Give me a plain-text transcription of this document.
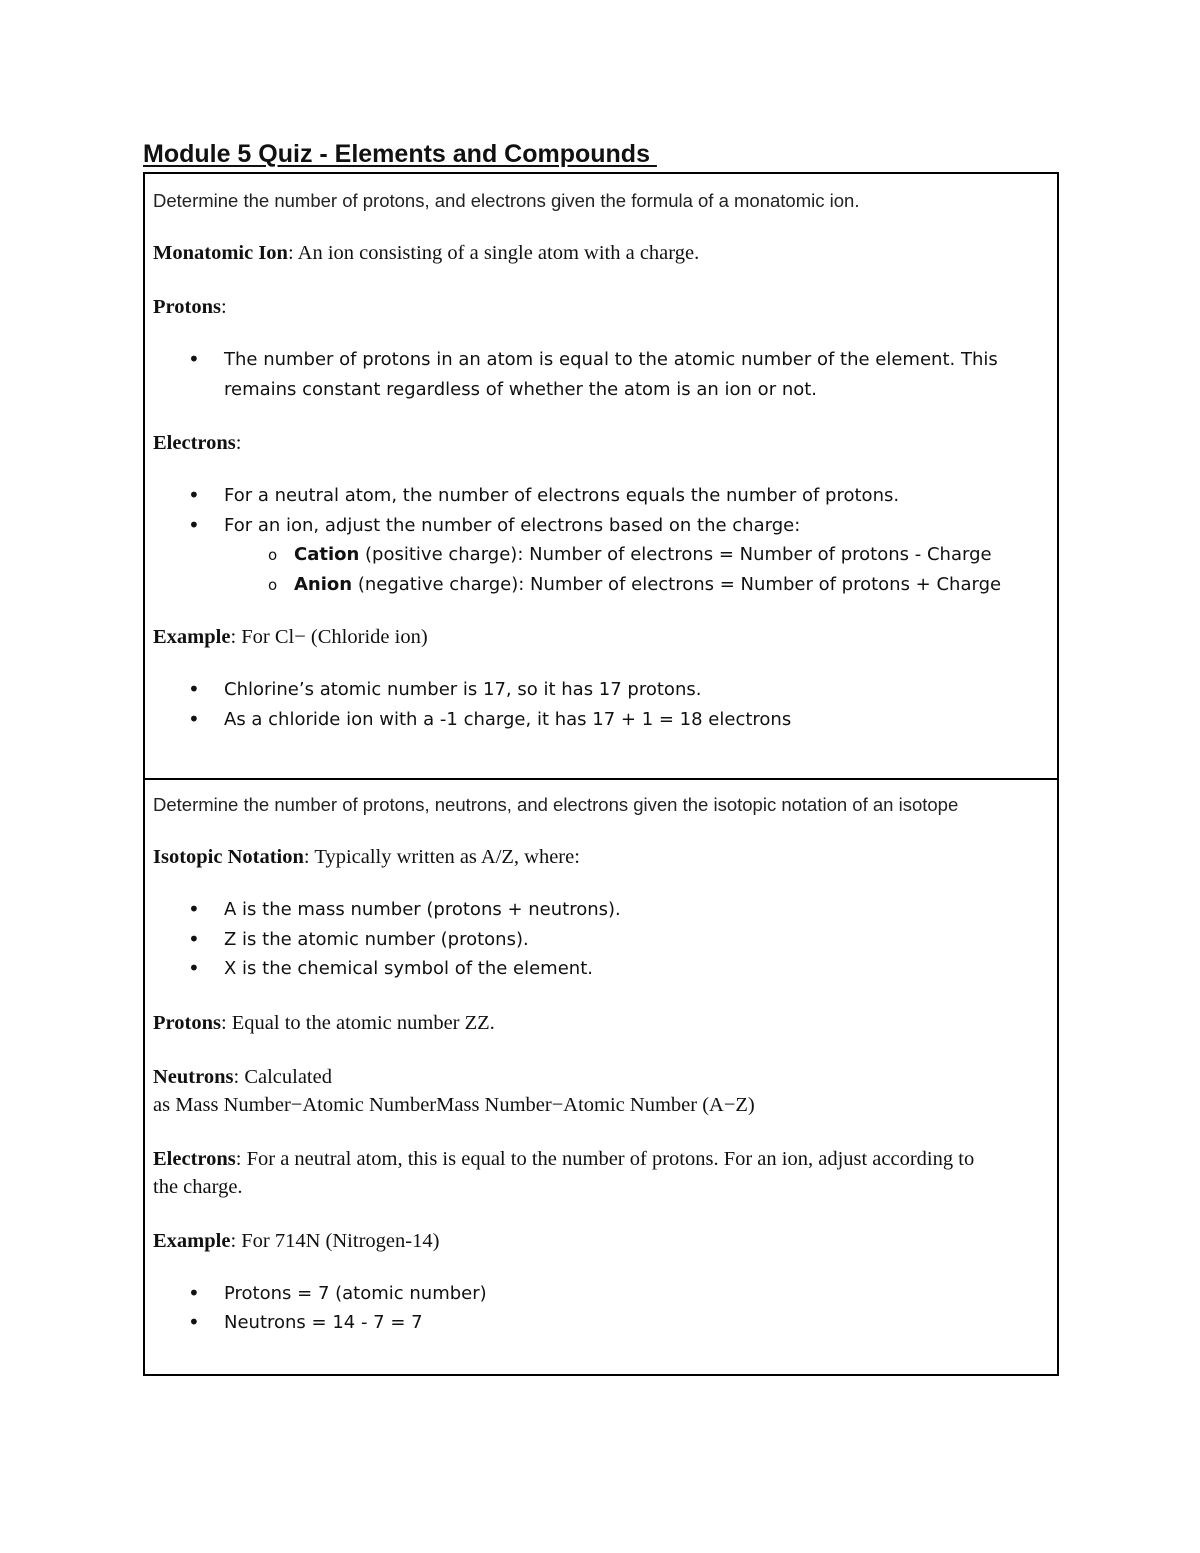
Module 5 Quiz - Elements and Compounds

Determine the number of protons, and electrons given the formula of a monatomic ion.

Monatomic Ion: An ion consisting of a single atom with a charge.

Protons:

• The number of protons in an atom is equal to the atomic number of the element. This remains constant regardless of whether the atom is an ion or not.

Electrons:

• For a neutral atom, the number of electrons equals the number of protons.
• For an ion, adjust the number of electrons based on the charge:
o Cation (positive charge): Number of electrons = Number of protons - Charge
o Anion (negative charge): Number of electrons = Number of protons + Charge

Example: For Cl− (Chloride ion)

• Chlorine’s atomic number is 17, so it has 17 protons.
• As a chloride ion with a -1 charge, it has 17 + 1 = 18 electrons

Determine the number of protons, neutrons, and electrons given the isotopic notation of an isotope

Isotopic Notation: Typically written as A/Z, where:

• A is the mass number (protons + neutrons).
• Z is the atomic number (protons).
• X is the chemical symbol of the element.

Protons: Equal to the atomic number ZZ.

Neutrons: Calculated
as Mass Number−Atomic NumberMass Number−Atomic Number (A−Z)

Electrons: For a neutral atom, this is equal to the number of protons. For an ion, adjust according to the charge.

Example: For 714N (Nitrogen-14)

• Protons = 7 (atomic number)
• Neutrons = 14 - 7 = 7
